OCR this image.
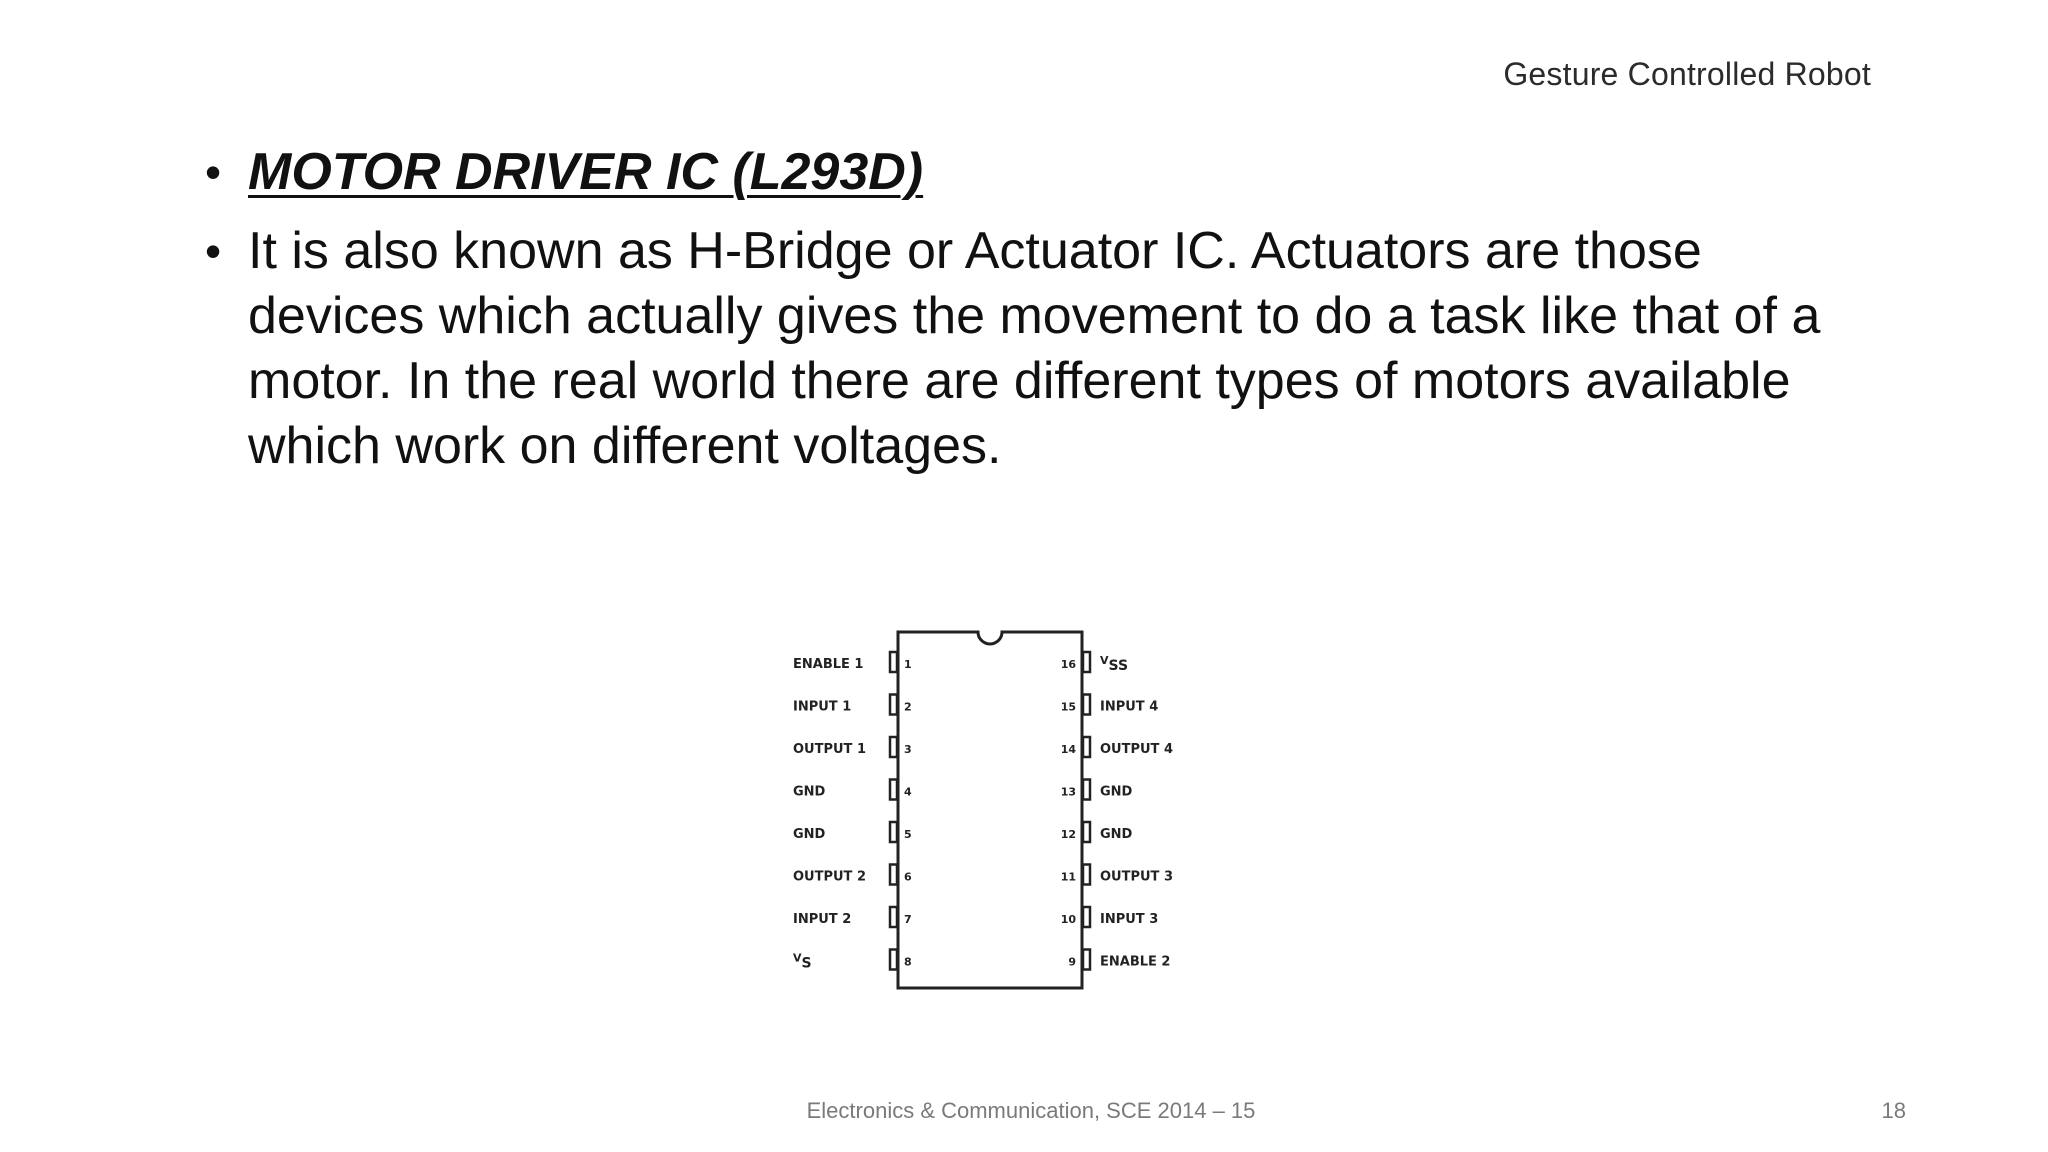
Gesture Controlled Robot
• MOTOR DRIVER IC (L293D)
• It is also known as H-Bridge or Actuator IC. Actuators are those devices which actually gives the movement to do a task like that of a motor. In the real world there are different types of motors available which work on different voltages.
1
ENABLE 1
2
INPUT 1
3
OUTPUT 1
4
GND
5
GND
6
OUTPUT 2
7
INPUT 2
8
$^V$S
16 $^V$SS
15 INPUT 4
14 OUTPUT 4
13 GND
12 GND
11 OUTPUT 3
10 INPUT 3
9 ENABLE 2
Electronics & Communication, SCE 2014 – 15	18
